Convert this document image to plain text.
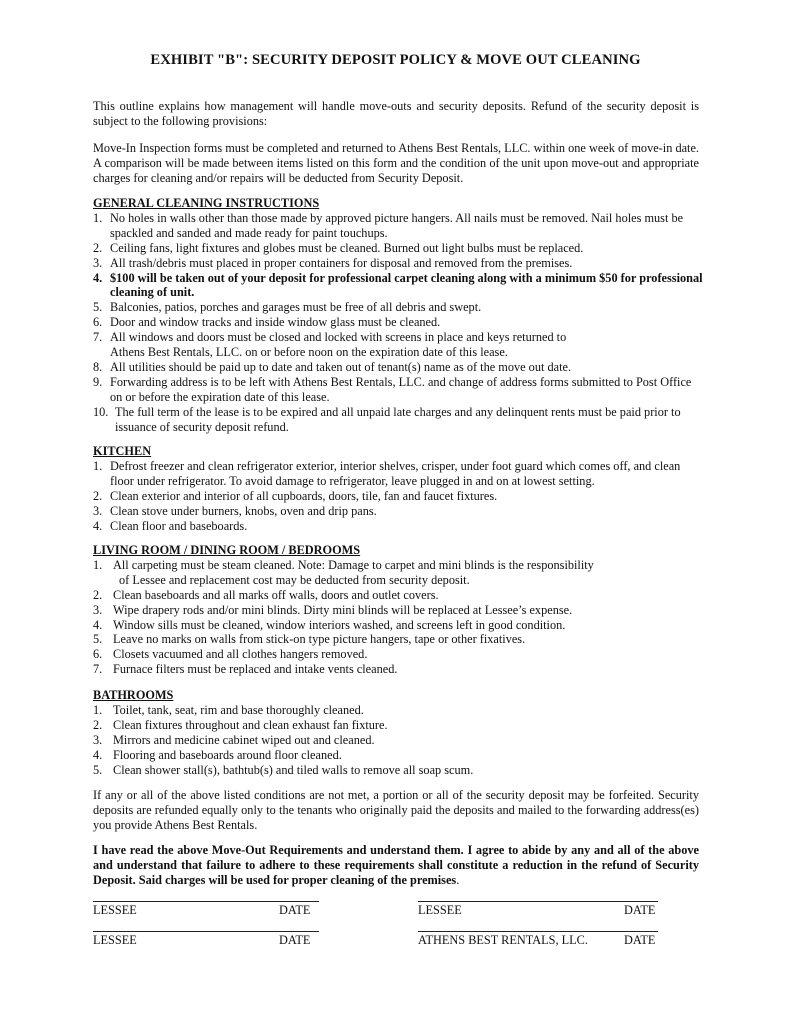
EXHIBIT "B": SECURITY DEPOSIT POLICY & MOVE OUT CLEANING
This outline explains how management will handle move-outs and security deposits. Refund of the security deposit is subject to the following provisions:
Move-In Inspection forms must be completed and returned to Athens Best Rentals, LLC. within one week of move-in date. A comparison will be made between items listed on this form and the condition of the unit upon move-out and appropriate charges for cleaning and/or repairs will be deducted from Security Deposit.
GENERAL CLEANING INSTRUCTIONS
1. No holes in walls other than those made by approved picture hangers. All nails must be removed. Nail holes must be spackled and sanded and made ready for paint touchups.
2. Ceiling fans, light fixtures and globes must be cleaned. Burned out light bulbs must be replaced.
3. All trash/debris must placed in proper containers for disposal and removed from the premises.
4. $100 will be taken out of your deposit for professional carpet cleaning along with a minimum $50 for professional cleaning of unit.
5. Balconies, patios, porches and garages must be free of all debris and swept.
6. Door and window tracks and inside window glass must be cleaned.
7. All windows and doors must be closed and locked with screens in place and keys returned to Athens Best Rentals, LLC. on or before noon on the expiration date of this lease.
8. All utilities should be paid up to date and taken out of tenant(s) name as of the move out date.
9. Forwarding address is to be left with Athens Best Rentals, LLC. and change of address forms submitted to Post Office on or before the expiration date of this lease.
10. The full term of the lease is to be expired and all unpaid late charges and any delinquent rents must be paid prior to issuance of security deposit refund.
KITCHEN
1. Defrost freezer and clean refrigerator exterior, interior shelves, crisper, under foot guard which comes off, and clean floor under refrigerator. To avoid damage to refrigerator, leave plugged in and on at lowest setting.
2. Clean exterior and interior of all cupboards, doors, tile, fan and faucet fixtures.
3. Clean stove under burners, knobs, oven and drip pans.
4. Clean floor and baseboards.
LIVING ROOM / DINING ROOM / BEDROOMS
1. All carpeting must be steam cleaned. Note: Damage to carpet and mini blinds is the responsibility
of Lessee and replacement cost may be deducted from security deposit.
2. Clean baseboards and all marks off walls, doors and outlet covers.
3. Wipe drapery rods and/or mini blinds. Dirty mini blinds will be replaced at Lessee’s expense.
4. Window sills must be cleaned, window interiors washed, and screens left in good condition.
5. Leave no marks on walls from stick-on type picture hangers, tape or other fixatives.
6. Closets vacuumed and all clothes hangers removed.
7. Furnace filters must be replaced and intake vents cleaned.
BATHROOMS
1. Toilet, tank, seat, rim and base thoroughly cleaned.
2. Clean fixtures throughout and clean exhaust fan fixture.
3. Mirrors and medicine cabinet wiped out and cleaned.
4. Flooring and baseboards around floor cleaned.
5. Clean shower stall(s), bathtub(s) and tiled walls to remove all soap scum.
If any or all of the above listed conditions are not met, a portion or all of the security deposit may be forfeited. Security deposits are refunded equally only to the tenants who originally paid the deposits and mailed to the forwarding address(es) you provide Athens Best Rentals.
I have read the above Move-Out Requirements and understand them. I agree to abide by any and all of the above and understand that failure to adhere to these requirements shall constitute a reduction in the refund of Security Deposit. Said charges will be used for proper cleaning of the premises.
LESSEE	DATE	LESSEE	DATE
LESSEE	DATE	ATHENS BEST RENTALS, LLC.	DATE
